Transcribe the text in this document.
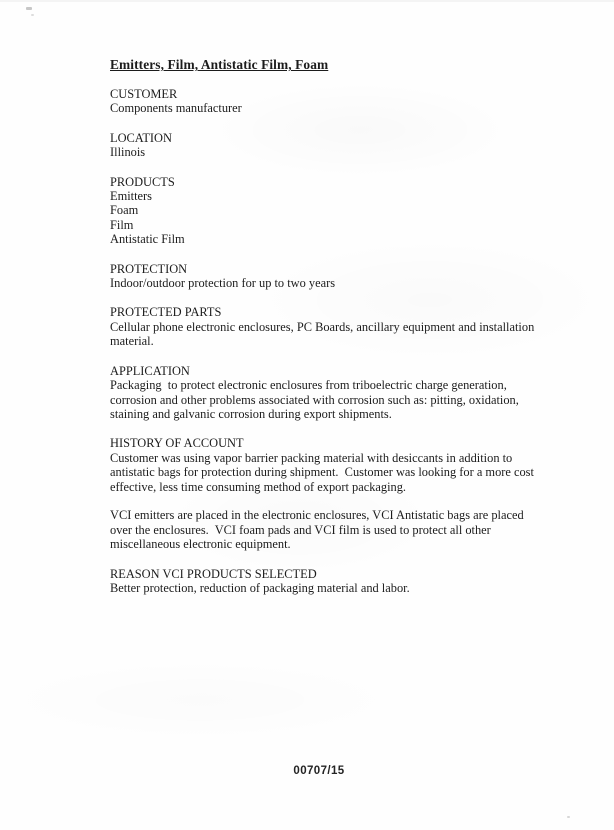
Emitters, Film, Antistatic Film, Foam
CUSTOMER
Components manufacturer
LOCATION
Illinois
PRODUCTS
Emitters
Foam
Film
Antistatic Film
PROTECTION
Indoor/outdoor protection for up to two years
PROTECTED PARTS
Cellular phone electronic enclosures, PC Boards, ancillary equipment and installation
material.
APPLICATION
Packaging  to protect electronic enclosures from triboelectric charge generation,
corrosion and other problems associated with corrosion such as: pitting, oxidation,
staining and galvanic corrosion during export shipments.
HISTORY OF ACCOUNT
Customer was using vapor barrier packing material with desiccants in addition to
antistatic bags for protection during shipment.  Customer was looking for a more cost
effective, less time consuming method of export packaging.
VCI emitters are placed in the electronic enclosures, VCI Antistatic bags are placed
over the enclosures.  VCI foam pads and VCI film is used to protect all other
miscellaneous electronic equipment.
REASON VCI PRODUCTS SELECTED
Better protection, reduction of packaging material and labor.
00707/15
